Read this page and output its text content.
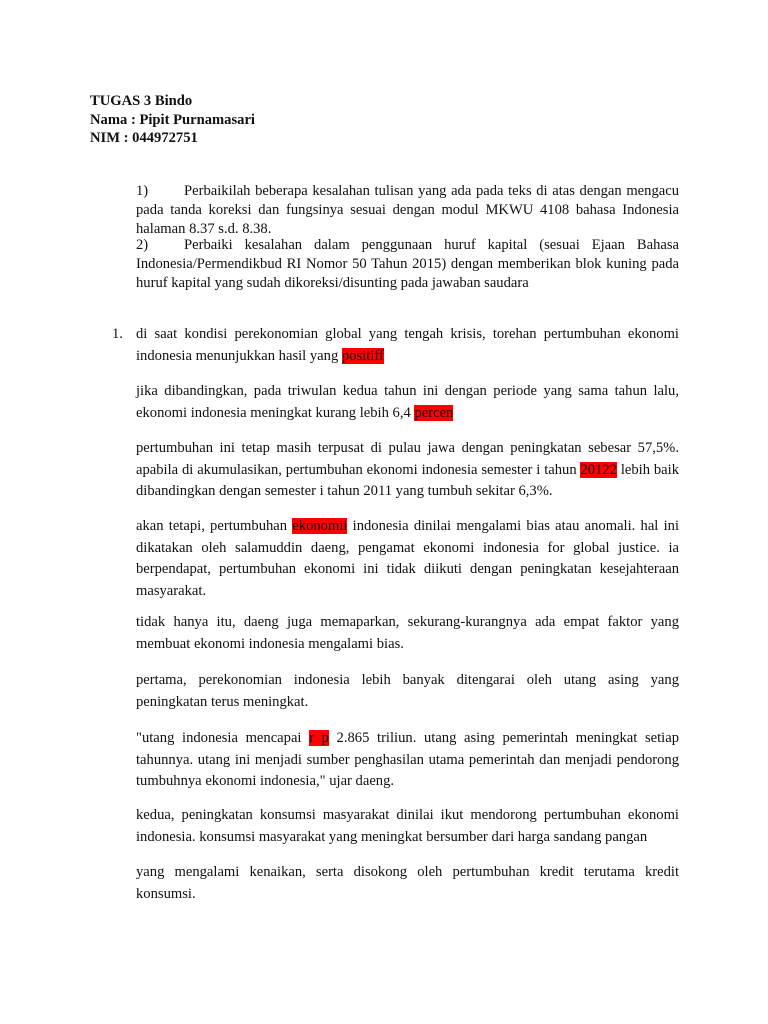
TUGAS 3 Bindo
Nama : Pipit Purnamasari
NIM : 044972751
1) Perbaikilah beberapa kesalahan tulisan yang ada pada teks di atas dengan mengacu pada tanda koreksi dan fungsinya sesuai dengan modul MKWU 4108 bahasa Indonesia halaman 8.37 s.d. 8.38.
2) Perbaiki kesalahan dalam penggunaan huruf kapital (sesuai Ejaan Bahasa Indonesia/Permendikbud RI Nomor 50 Tahun 2015) dengan memberikan blok kuning pada huruf kapital yang sudah dikoreksi/disunting pada jawaban saudara
1. di saat kondisi perekonomian global yang tengah krisis, torehan pertumbuhan ekonomi indonesia menunjukkan hasil yang positiff
jika dibandingkan, pada triwulan kedua tahun ini dengan periode yang sama tahun lalu, ekonomi indonesia meningkat kurang lebih 6,4 percen
pertumbuhan ini tetap masih terpusat di pulau jawa dengan peningkatan sebesar 57,5%. apabila di akumulasikan, pertumbuhan ekonomi indonesia semester i tahun 20122 lebih baik dibandingkan dengan semester i tahun 2011 yang tumbuh sekitar 6,3%.
akan tetapi, pertumbuhan ekonomii indonesia dinilai mengalami bias atau anomali. hal ini dikatakan oleh salamuddin daeng, pengamat ekonomi indonesia for global justice. ia berpendapat, pertumbuhan ekonomi ini tidak diikuti dengan peningkatan kesejahteraan masyarakat.
tidak hanya itu, daeng juga memaparkan, sekurang-kurangnya ada empat faktor yang membuat ekonomi indonesia mengalami bias.
pertama, perekonomian indonesia lebih banyak ditengarai oleh utang asing yang peningkatan terus meningkat.
"utang indonesia mencapai r p 2.865 triliun. utang asing pemerintah meningkat setiap tahunnya. utang ini menjadi sumber penghasilan utama pemerintah dan menjadi pendorong tumbuhnya ekonomi indonesia," ujar daeng.
kedua, peningkatan konsumsi masyarakat dinilai ikut mendorong pertumbuhan ekonomi indonesia. konsumsi masyarakat yang meningkat bersumber dari harga sandang pangan
yang mengalami kenaikan, serta disokong oleh pertumbuhan kredit terutama kredit konsumsi.
